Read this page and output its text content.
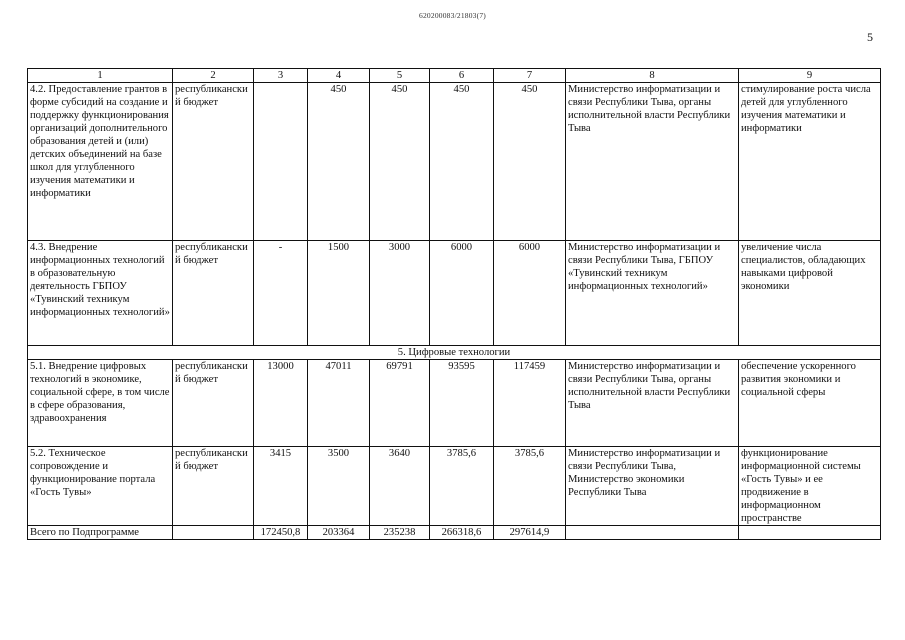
620200083/21803(7)
5
1	2	3	4	5	6	7	8	9
4.2. Предоставление грантов в форме субсидий на создание и поддержку функционирования организаций дополнительного образования детей и (или) детских объединений на базе школ для углубленного изучения математики и информатики	республиканский бюджет		450	450	450	450	Министерство информатизации и связи Республики Тыва, органы исполнительной власти Республики Тыва	стимулирование роста числа детей для углубленного изучения математики и информатики
4.3. Внедрение информационных технологий в образовательную деятельность ГБПОУ «Тувинский техникум информационных технологий»	республиканский бюджет	-	1500	3000	6000	6000	Министерство информатизации и связи Республики Тыва, ГБПОУ «Тувинский техникум информационных технологий»	увеличение числа специалистов, обладающих навыками цифровой экономики
5. Цифровые технологии								
5.1. Внедрение цифровых технологий в экономике, социальной сфере, в том числе в сфере образования, здравоохранения	республиканский бюджет	13000	47011	69791	93595	117459	Министерство информатизации и связи Республики Тыва, органы исполнительной власти Республики Тыва	обеспечение ускоренного развития экономики и социальной сферы
5.2. Техническое сопровождение и функционирование портала «Гость Тувы»	республиканский бюджет	3415	3500	3640	3785,6	3785,6	Министерство информатизации и связи Республики Тыва, Министерство экономики Республики Тыва	функционирование информационной системы «Гость Тувы» и ее продвижение в информационном пространстве
Всего по Подпрограмме		172450,8	203364	235238	266318,6	297614,9		
